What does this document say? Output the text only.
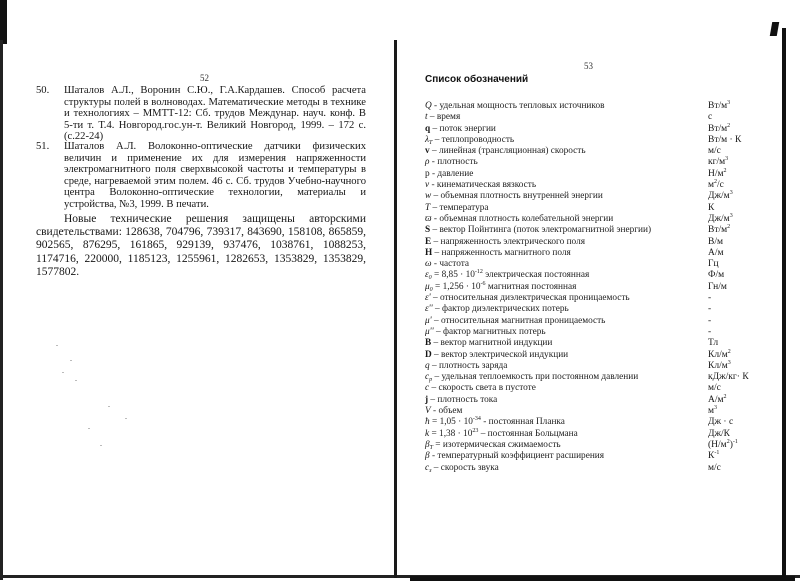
52
50. Шаталов А.Л., Воронин С.Ю., Г.А.Кардашев. Способ расчета структуры полей в волноводах. Математические методы в технике и технологиях – ММТТ-12: Сб. трудов Междунар. науч. конф. В 5-ти т. Т.4. Новгород.гос.ун-т. Великий Новгород, 1999. – 172 с. (с.22-24)
51. Шаталов А.Л. Волоконно-оптические датчики физических величин и применение их для измерения напряженности электромагнитного поля сверхвысокой частоты и температуры в среде, нагреваемой этим полем. 46 с. Сб. трудов Учебно-научного центра Волоконно-оптические технологии, материалы и устройства, №3, 1999. В печати.
Новые технические решения защищены авторскими свидетельствами: 128638, 704796, 739317, 843690, 158108, 865859, 902565, 876295, 161865, 929139, 937476, 1038761, 1088253, 1174716, 220000, 1185123, 1255961, 1282653, 1353829, 1353829, 1577802.
53
Список обозначений
Q - удельная мощность тепловых источников	$Вт/м^3$
t – время	с
q – поток энергии	$Вт/м^2$
$\lambda_T$ – теплопроводность	Вт/м · К
v – линейная (трансляционная) скорость	м/с
ρ - плотность	$кг/м^3$
p - давление	$Н/м^2$
ν - кинематическая вязкость	$м^2/с$
w – объемная плотность внутренней энергии	$Дж/м^3$
T – температура	К
ϖ - объемная плотность колебательной энергии	$Дж/м^3$
S – вектор Пойнтинга (поток электромагнитной энергии)	$Вт/м^2$
E – напряженность электрического поля	В/м
H – напряженность магнитного поля	А/м
ω - частота	Гц
$\varepsilon_0 = 8,85 \cdot 10^{-12}$ электрическая постоянная	Ф/м
$\mu_0 = 1,256 \cdot 10^{-6}$ магнитная постоянная	Гн/м
ε' – относительная диэлектрическая проницаемость	-
ε'' – фактор диэлектрических потерь	-
μ' – относительная магнитная проницаемость	-
μ'' – фактор магнитных потерь	-
B – вектор магнитной индукции	Тл
D – вектор электрической индукции	$Кл/м^2$
q – плотность заряда	$Кл/м^3$
$c_p$ – удельная теплоемкость при постоянном давлении	кДж/кг· К
c – скорость света в пустоте	м/с
j – плотность тока	$А/м^2$
V - объем	$м^3$
ħ = $1,05 \cdot 10^{-34}$ - постоянная Планка	Дж · с
$k = 1,38 \cdot 10^{23}$ – постоянная Больцмана	Дж/К
$\beta_T$ = изотермическая сжимаемость	$(Н/м^2)^{-1}$
β - температурный коэффициент расширения	$К^{-1}$
$c_з$ – скорость звука	м/с
